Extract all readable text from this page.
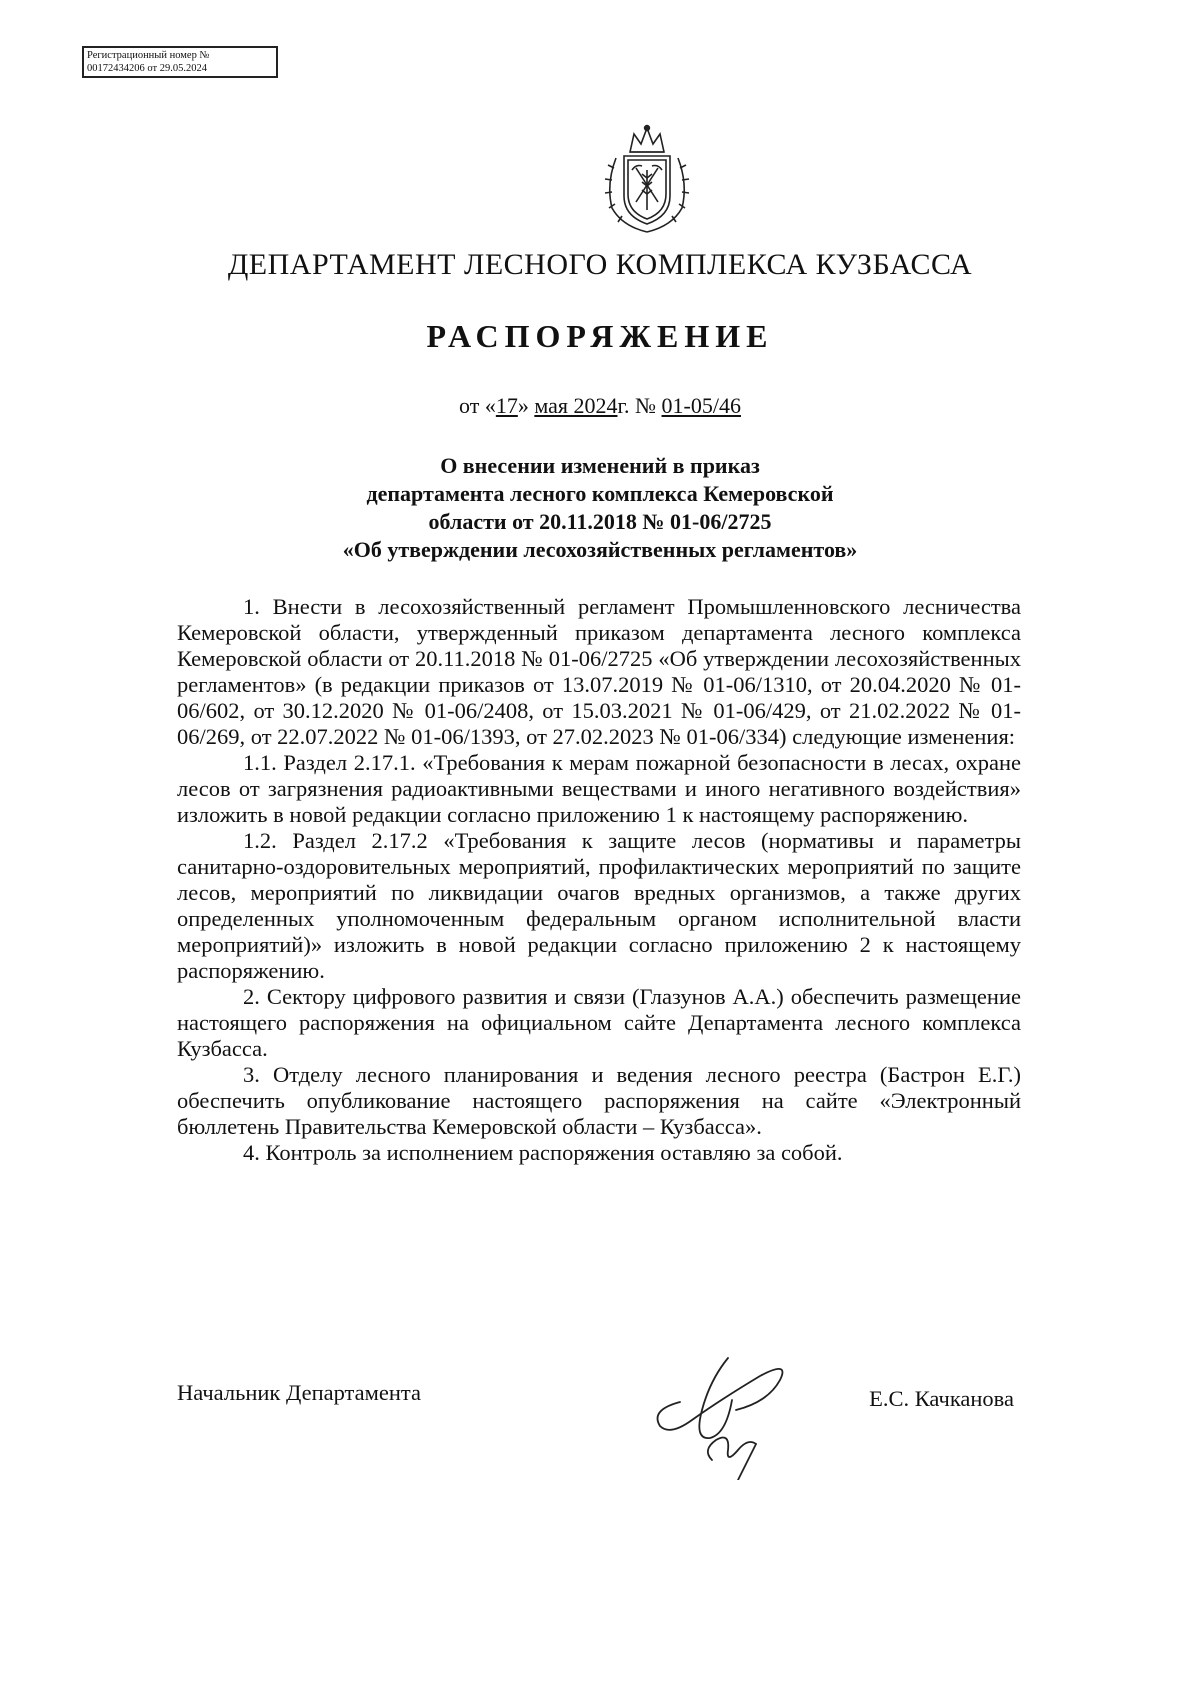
Регистрационный номер №
00172434206 от 29.05.2024
ДЕПАРТАМЕНТ ЛЕСНОГО КОМПЛЕКСА КУЗБАССА
РАСПОРЯЖЕНИЕ
от «17» мая 2024г. № 01-05/46
О внесении изменений в приказ
департамента лесного комплекса Кемеровской
области от 20.11.2018 № 01-06/2725
«Об утверждении лесохозяйственных регламентов»

1. Внести в лесохозяйственный регламент Промышленновского лесничества Кемеровской области, утвержденный приказом департамента лесного комплекса Кемеровской области от 20.11.2018 № 01-06/2725 «Об утверждении лесохозяйственных регламентов» (в редакции приказов от 13.07.2019 № 01-06/1310, от 20.04.2020 № 01-06/602, от 30.12.2020 № 01-06/2408, от 15.03.2021 № 01-06/429, от 21.02.2022 № 01-06/269, от 22.07.2022 № 01-06/1393, от 27.02.2023 № 01-06/334) следующие изменения:

1.1. Раздел 2.17.1. «Требования к мерам пожарной безопасности в лесах, охране лесов от загрязнения радиоактивными веществами и иного негативного воздействия» изложить в новой редакции согласно приложению 1 к настоящему распоряжению.

1.2. Раздел 2.17.2 «Требования к защите лесов (нормативы и параметры санитарно-оздоровительных мероприятий, профилактических мероприятий по защите лесов, мероприятий по ликвидации очагов вредных организмов, а также других определенных уполномоченным федеральным органом исполнительной власти мероприятий)» изложить в новой редакции согласно приложению 2 к настоящему распоряжению.

2. Сектору цифрового развития и связи (Глазунов А.А.) обеспечить размещение настоящего распоряжения на официальном сайте Департамента лесного комплекса Кузбасса.

3. Отделу лесного планирования и ведения лесного реестра (Бастрон Е.Г.) обеспечить опубликование настоящего распоряжения на сайте «Электронный бюллетень Правительства Кемеровской области – Кузбасса».

4. Контроль за исполнением распоряжения оставляю за собой.

Начальник Департамента	Е.С. Качканова
